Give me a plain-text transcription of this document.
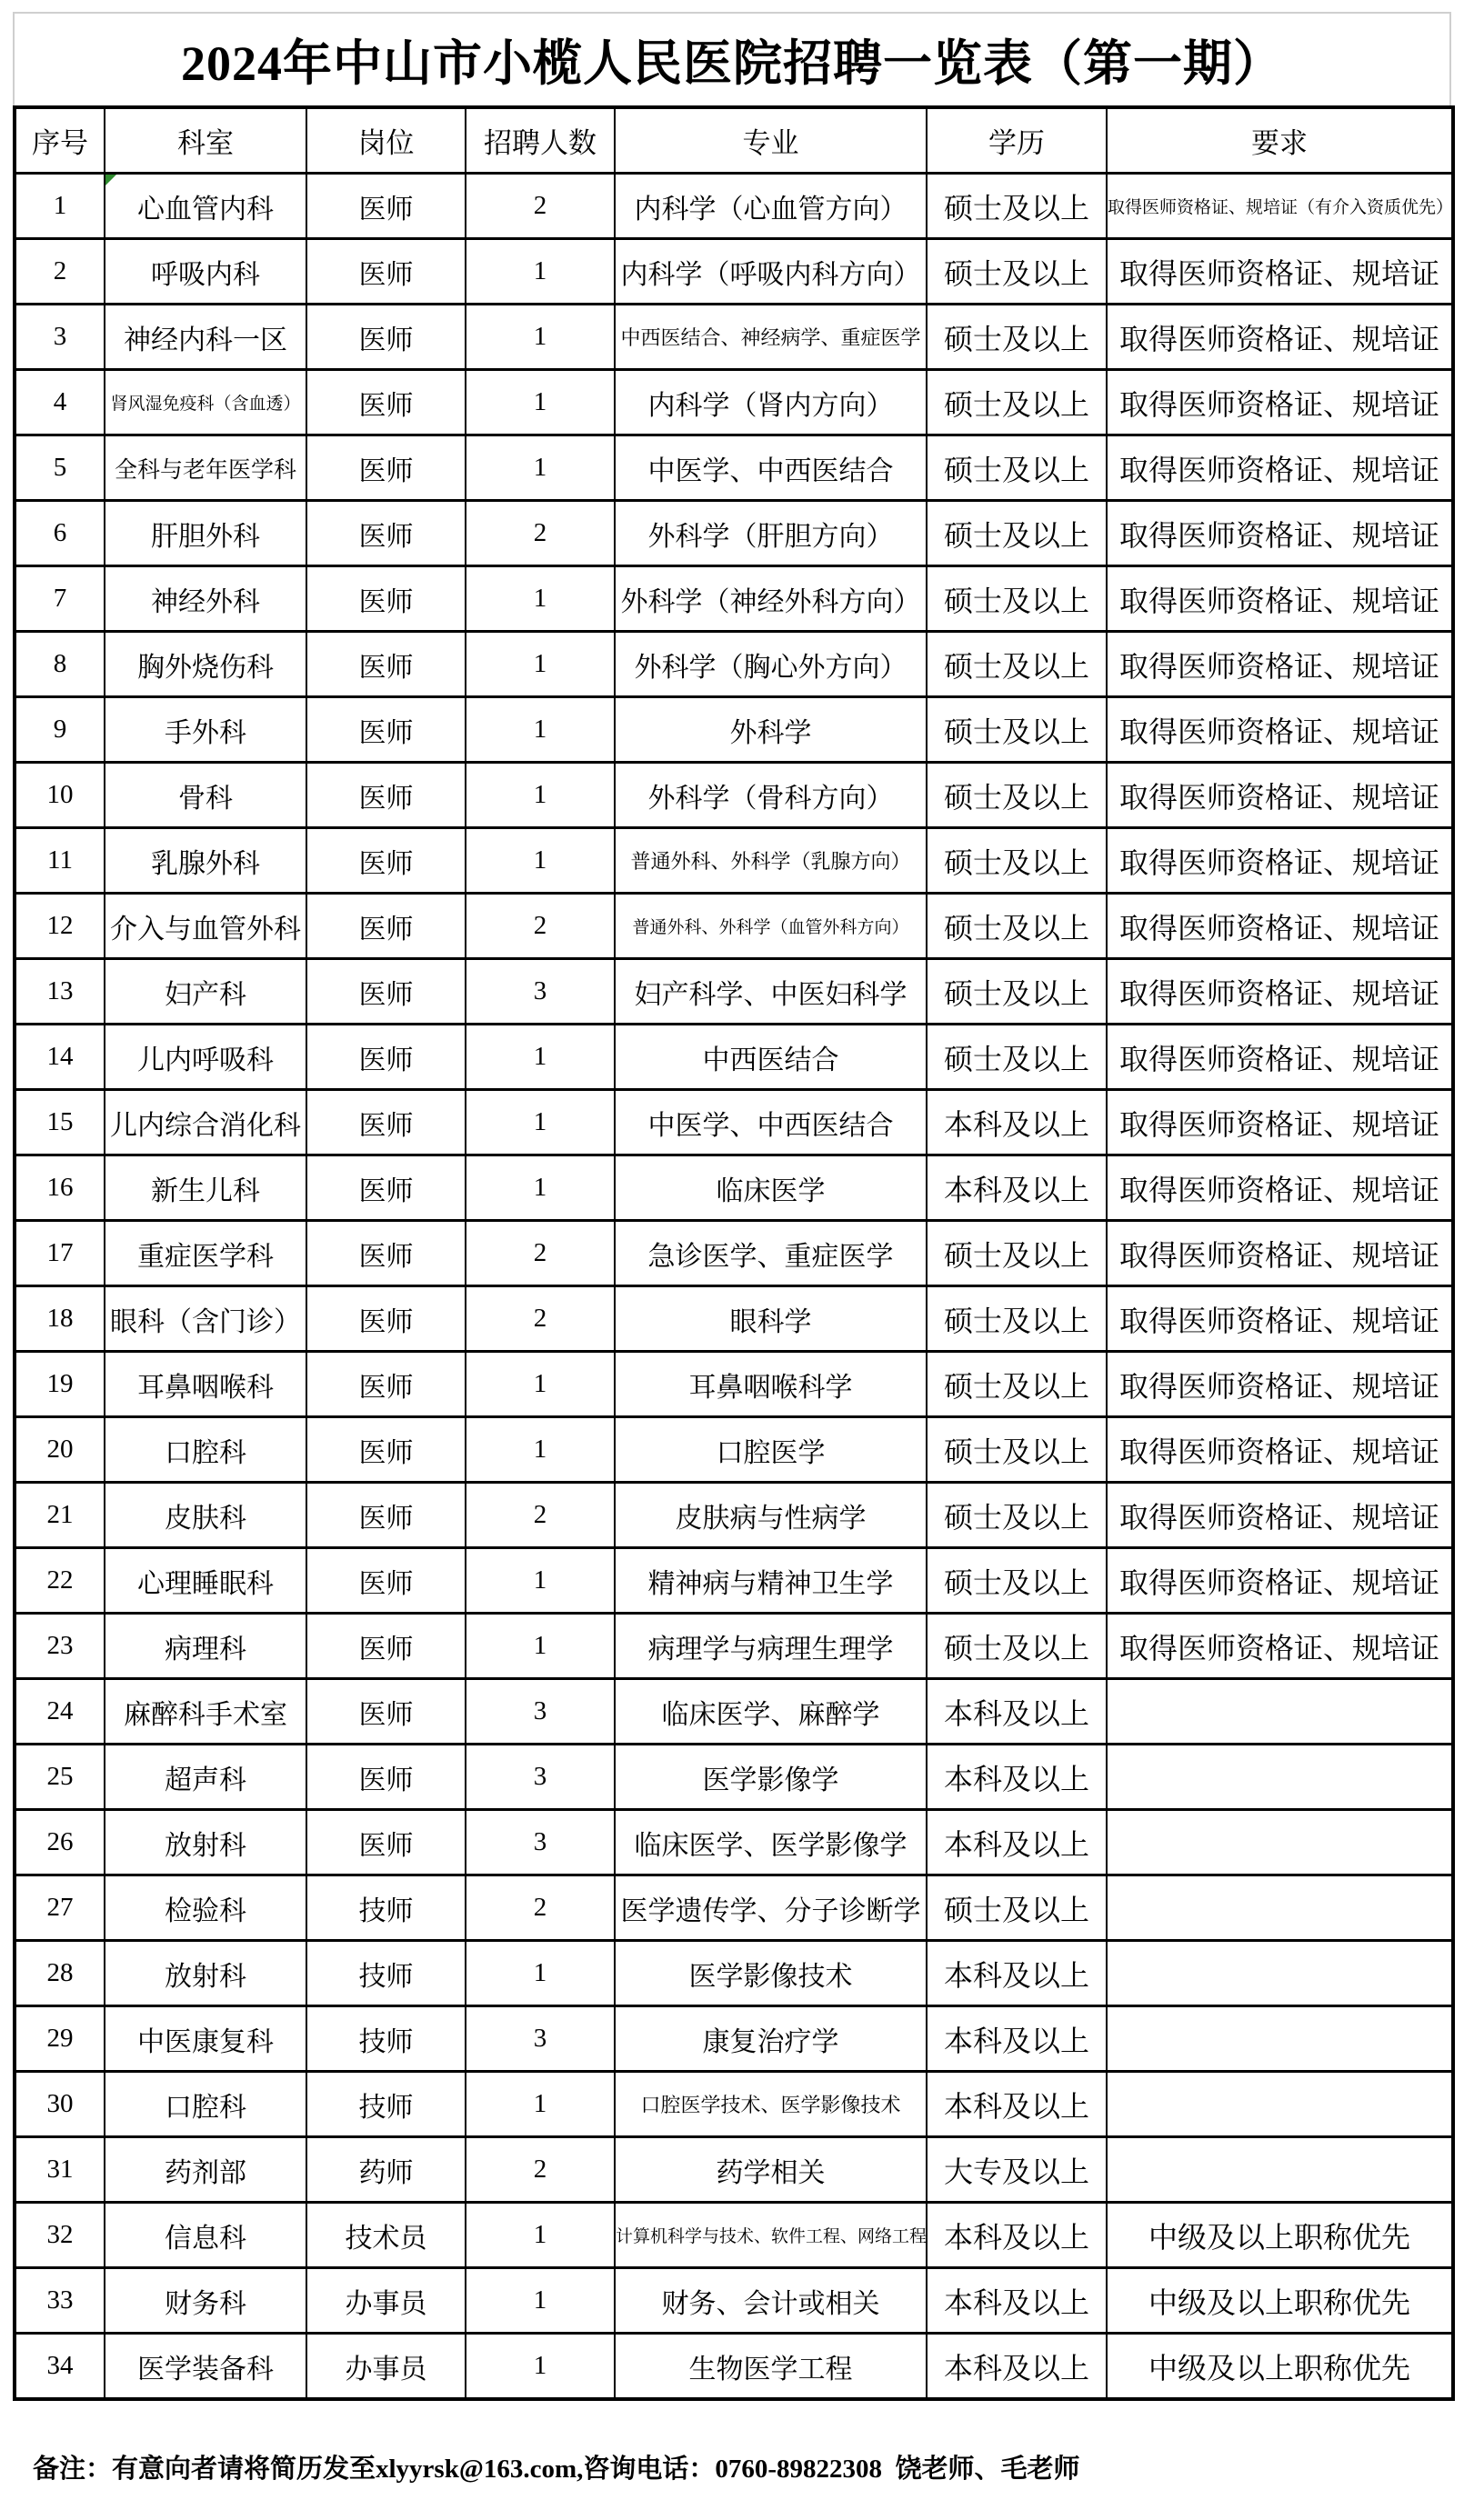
2024年中山市小榄人民医院招聘一览表（第一期）
序号	科室	岗位	招聘人数	专业	学历	要求
1	心血管内科	医师	2	内科学（心血管方向）	硕士及以上	取得医师资格证、规培证（有介入资质优先）
2	呼吸内科	医师	1	内科学（呼吸内科方向）	硕士及以上	取得医师资格证、规培证
3	神经内科一区	医师	1	中西医结合、神经病学、重症医学	硕士及以上	取得医师资格证、规培证
4	肾风湿免疫科（含血透）	医师	1	内科学（肾内方向）	硕士及以上	取得医师资格证、规培证
5	全科与老年医学科	医师	1	中医学、中西医结合	硕士及以上	取得医师资格证、规培证
6	肝胆外科	医师	2	外科学（肝胆方向）	硕士及以上	取得医师资格证、规培证
7	神经外科	医师	1	外科学（神经外科方向）	硕士及以上	取得医师资格证、规培证
8	胸外烧伤科	医师	1	外科学（胸心外方向）	硕士及以上	取得医师资格证、规培证
9	手外科	医师	1	外科学	硕士及以上	取得医师资格证、规培证
10	骨科	医师	1	外科学（骨科方向）	硕士及以上	取得医师资格证、规培证
11	乳腺外科	医师	1	普通外科、外科学（乳腺方向）	硕士及以上	取得医师资格证、规培证
12	介入与血管外科	医师	2	普通外科、外科学（血管外科方向）	硕士及以上	取得医师资格证、规培证
13	妇产科	医师	3	妇产科学、中医妇科学	硕士及以上	取得医师资格证、规培证
14	儿内呼吸科	医师	1	中西医结合	硕士及以上	取得医师资格证、规培证
15	儿内综合消化科	医师	1	中医学、中西医结合	本科及以上	取得医师资格证、规培证
16	新生儿科	医师	1	临床医学	本科及以上	取得医师资格证、规培证
17	重症医学科	医师	2	急诊医学、重症医学	硕士及以上	取得医师资格证、规培证
18	眼科（含门诊）	医师	2	眼科学	硕士及以上	取得医师资格证、规培证
19	耳鼻咽喉科	医师	1	耳鼻咽喉科学	硕士及以上	取得医师资格证、规培证
20	口腔科	医师	1	口腔医学	硕士及以上	取得医师资格证、规培证
21	皮肤科	医师	2	皮肤病与性病学	硕士及以上	取得医师资格证、规培证
22	心理睡眠科	医师	1	精神病与精神卫生学	硕士及以上	取得医师资格证、规培证
23	病理科	医师	1	病理学与病理生理学	硕士及以上	取得医师资格证、规培证
24	麻醉科手术室	医师	3	临床医学、麻醉学	本科及以上	
25	超声科	医师	3	医学影像学	本科及以上	
26	放射科	医师	3	临床医学、医学影像学	本科及以上	
27	检验科	技师	2	医学遗传学、分子诊断学	硕士及以上	
28	放射科	技师	1	医学影像技术	本科及以上	
29	中医康复科	技师	3	康复治疗学	本科及以上	
30	口腔科	技师	1	口腔医学技术、医学影像技术	本科及以上	
31	药剂部	药师	2	药学相关	大专及以上	
32	信息科	技术员	1	计算机科学与技术、软件工程、网络工程	本科及以上	中级及以上职称优先
33	财务科	办事员	1	财务、会计或相关	本科及以上	中级及以上职称优先
34	医学装备科	办事员	1	生物医学工程	本科及以上	中级及以上职称优先
备注：有意向者请将简历发至xlyyrsk@163.com,咨询电话：0760-89822308  饶老师、毛老师
